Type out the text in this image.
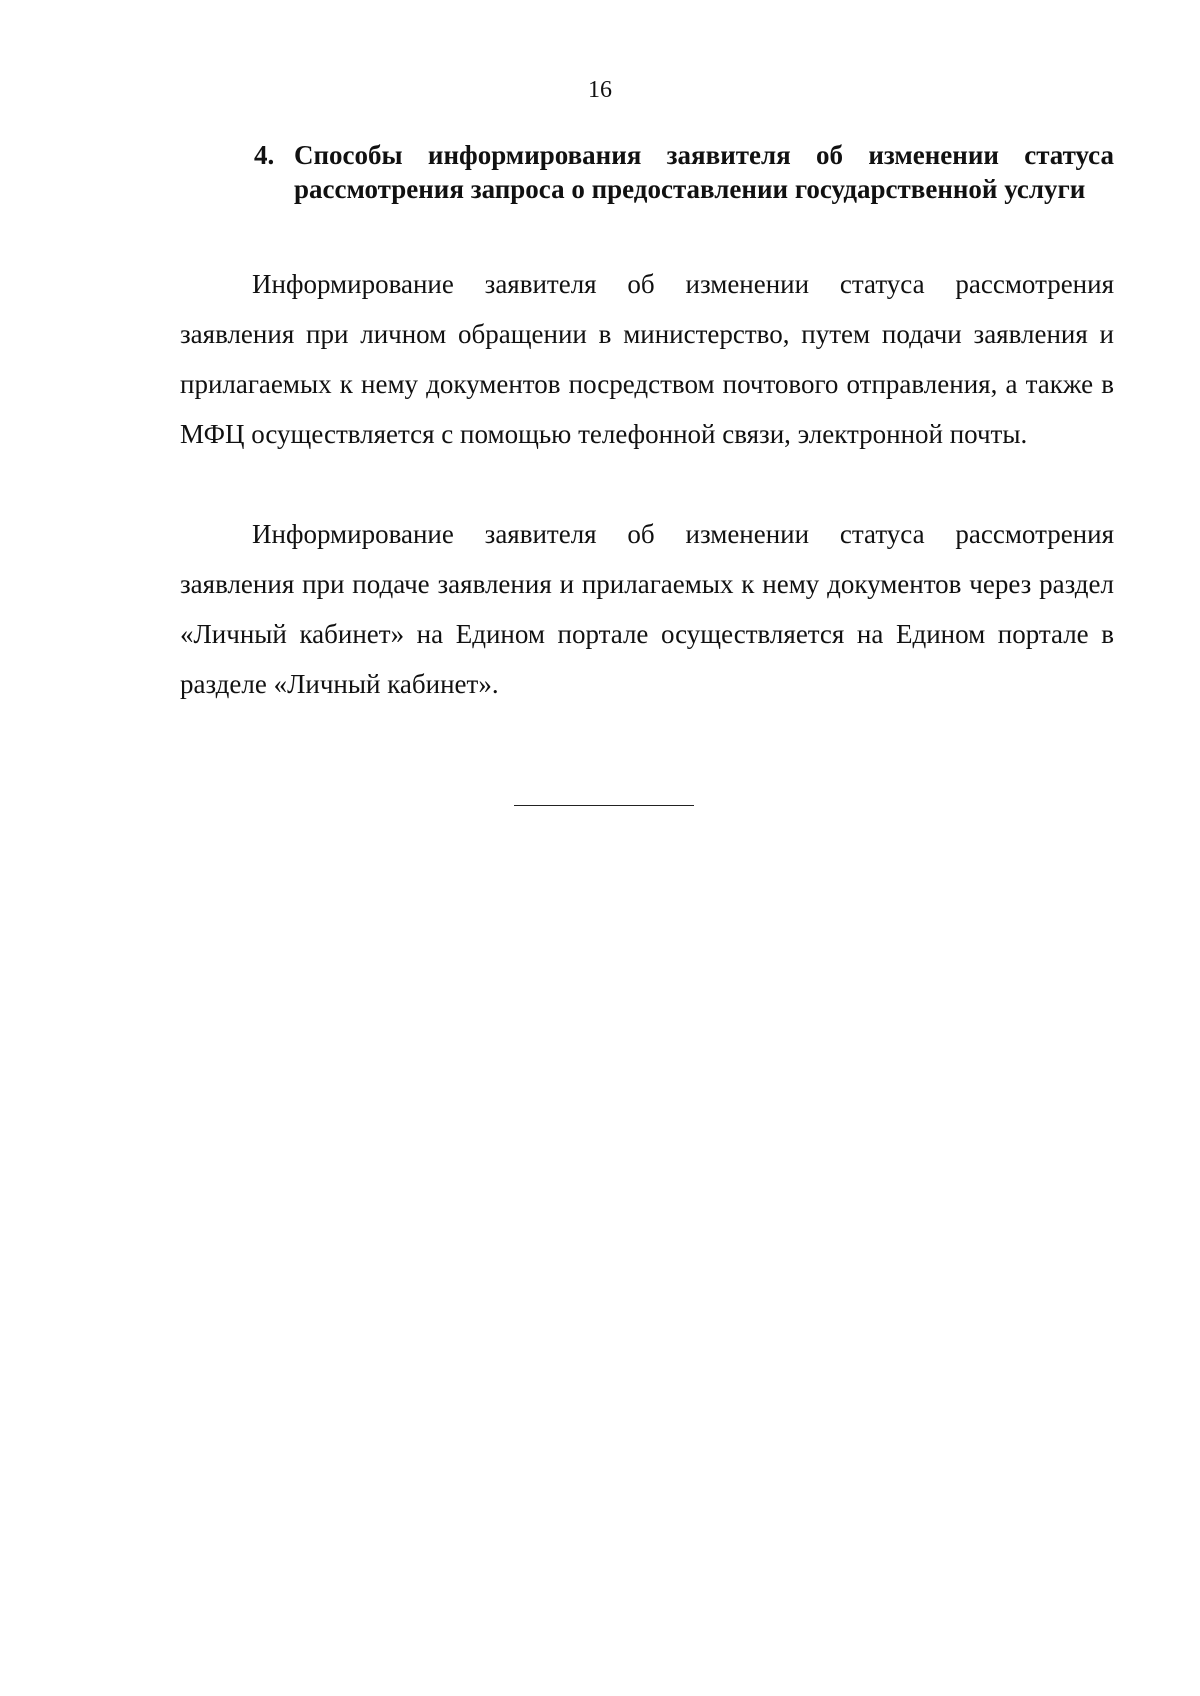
16
4. Способы информирования заявителя об изменении статуса рассмотрения запроса о предоставлении государственной услуги

Информирование заявителя об изменении статуса рассмотрения заявления при личном обращении в министерство, путем подачи заявления и прилагаемых к нему документов посредством почтового отправления, а также в МФЦ осуществляется с помощью телефонной связи, электронной почты.

Информирование заявителя об изменении статуса рассмотрения заявления при подаче заявления и прилагаемых к нему документов через раздел «Личный кабинет» на Едином портале осуществляется на Едином портале в разделе «Личный кабинет».
